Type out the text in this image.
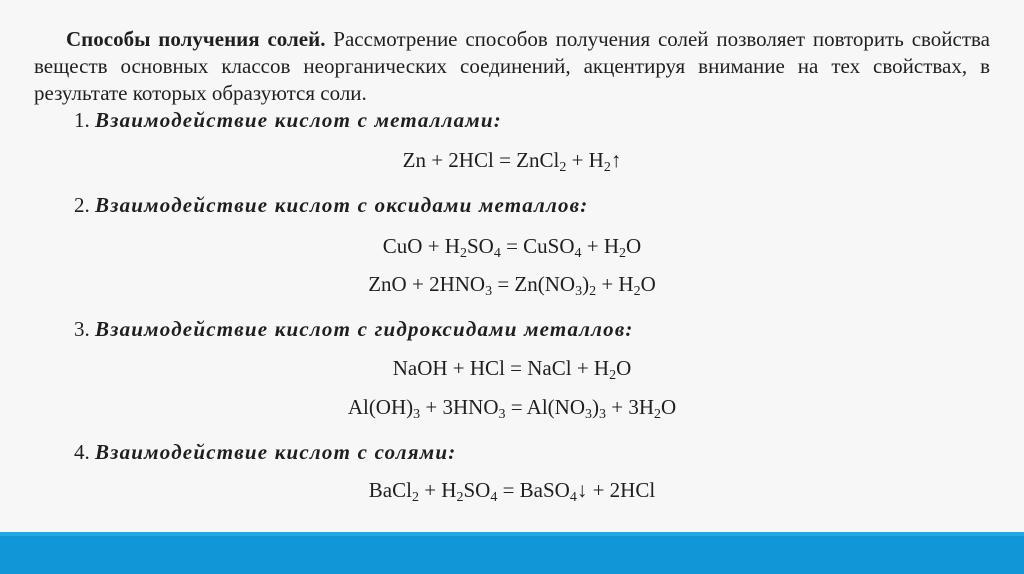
Способы получения солей. Рассмотрение способов получения солей позволяет повторить свойства веществ основных классов неорганических соединений, акцентируя внимание на тех свойствах, в результате которых образуются соли.

1. Взаимодействие кислот с металлами:

Zn + 2HCl = ZnCl$_2$ + $H_2↑$

2. Взаимодействие кислот с оксидами металлов:

CuO + $H_2SO_4$ = CuSO$_4$ + $H_2O$
ZnO + $2HNO_3 = Zn(NO_3)_2 + H_2O$

3. Взаимодействие кислот с гидроксидами металлов:

NaOH + HCl = NaCl + $H_2O$
$Al(OH)_3 + 3HNO_3 = Al(NO_3)_3 + 3H_2O$

4. Взаимодействие кислот с солями:

BaCl$_2$ + $H_2SO_4$ = BaSO$_4$↓ + 2HCl
